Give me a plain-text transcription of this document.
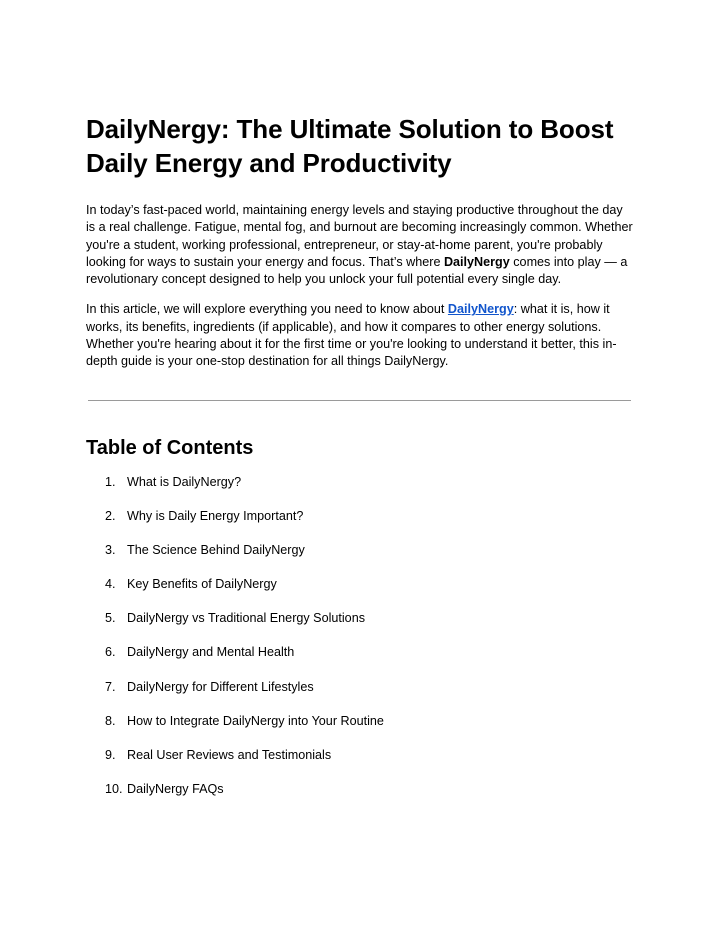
DailyNergy: The Ultimate Solution to Boost Daily Energy and Productivity

In today’s fast-paced world, maintaining energy levels and staying productive throughout the day is a real challenge. Fatigue, mental fog, and burnout are becoming increasingly common. Whether you're a student, working professional, entrepreneur, or stay-at-home parent, you're probably looking for ways to sustain your energy and focus. That’s where DailyNergy comes into play — a revolutionary concept designed to help you unlock your full potential every single day.

In this article, we will explore everything you need to know about DailyNergy: what it is, how it works, its benefits, ingredients (if applicable), and how it compares to other energy solutions. Whether you're hearing about it for the first time or you're looking to understand it better, this in-depth guide is your one-stop destination for all things DailyNergy.

Table of Contents
1. What is DailyNergy?
2. Why is Daily Energy Important?
3. The Science Behind DailyNergy
4. Key Benefits of DailyNergy
5. DailyNergy vs Traditional Energy Solutions
6. DailyNergy and Mental Health
7. DailyNergy for Different Lifestyles
8. How to Integrate DailyNergy into Your Routine
9. Real User Reviews and Testimonials
10. DailyNergy FAQs
